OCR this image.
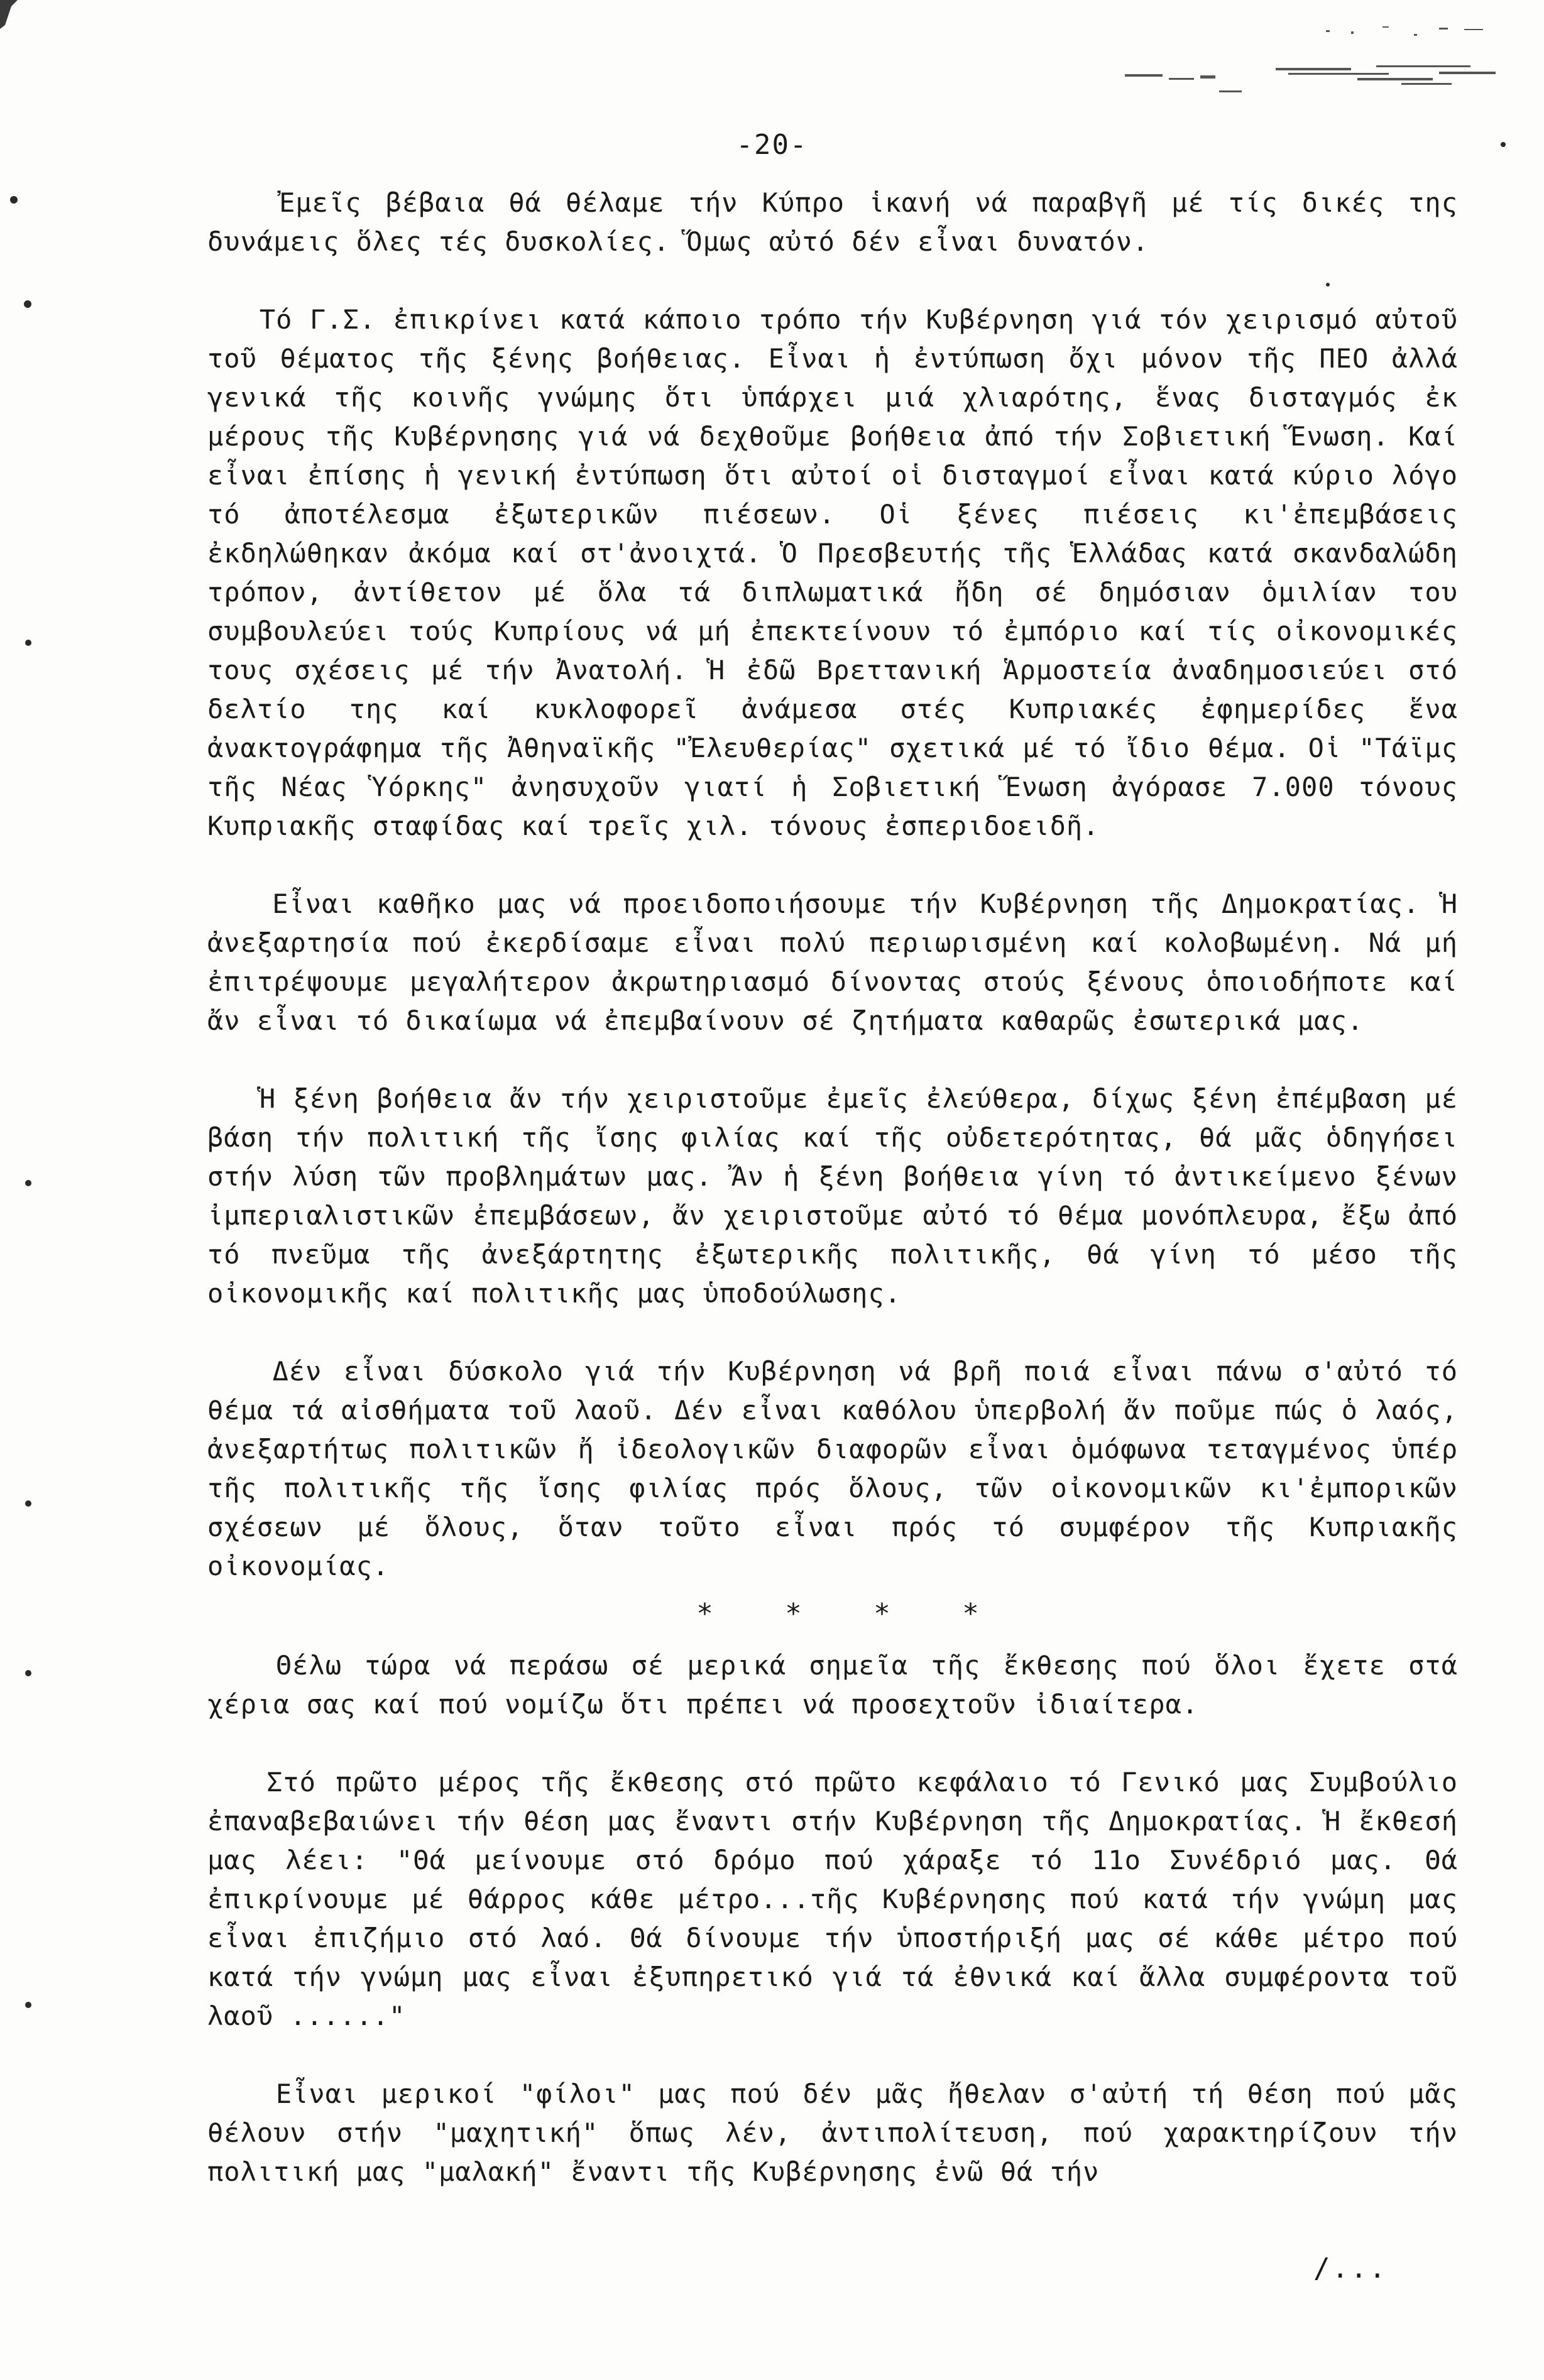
-20-

Ἐμεῖς βέβαια θά θέλαμε τήν Κύπρο ἱκανή νά παραβγῆ μέ τίς δικές της δυνάμεις ὅλες τές δυσκολίες. Ὅμως αὐτό δέν εἶναι δυνατόν.

Τό Γ.Σ. ἐπικρίνει κατά κάποιο τρόπο τήν Κυβέρνηση γιά τόν χειρισμό αὐτοῦ τοῦ θέματος τῆς ξένης βοήθειας. Εἶναι ἡ ἐντύπωση ὄχι μόνον τῆς ΠΕΟ ἀλλά γενικά τῆς κοινῆς γνώμης ὅτι ὑπάρχει μιά χλιαρότης, ἕνας δισταγμός ἐκ μέρους τῆς Κυβέρνησης γιά νά δεχθοῦμε βοήθεια ἀπό τήν Σοβιετική Ἕνωση. Καί εἶναι ἐπίσης ἡ γενική ἐντύπωση ὅτι αὐτοί οἱ δισταγμοί εἶναι κατά κύριο λόγο τό ἀποτέλεσμα ἐξωτερικῶν πιέσεων. Οἱ ξένες πιέσεις κι'ἐπεμβάσεις ἐκδηλώθηκαν ἀκόμα καί στ'ἀνοιχτά. Ὁ Πρεσβευτής τῆς Ἑλλάδας κατά σκανδαλώδη τρόπον, ἀντίθετον μέ ὅλα τά διπλωματικά ἤδη σέ δημόσιαν ὁμιλίαν του συμβουλεύει τούς Κυπρίους νά μή ἐπεκτείνουν τό ἐμπόριο καί τίς οἰκονομικές τους σχέσεις μέ τήν Ἀνατολή. Ἡ ἐδῶ Βρεττανική Ἁρμοστεία ἀναδημοσιεύει στό δελτίο της καί κυκλοφορεῖ ἀνάμεσα στές Κυπριακές ἐφημερίδες ἕνα ἀνακτογράφημα τῆς Ἀθηναϊκῆς "Ἐλευθερίας" σχετικά μέ τό ἴδιο θέμα. Οἱ "Τάϊμς τῆς Νέας Ὑόρκης" ἀνησυχοῦν γιατί ἡ Σοβιετική Ἕνωση ἀγόρασε 7.000 τόνους Κυπριακῆς σταφίδας καί τρεῖς χιλ. τόνους ἐσπεριδοειδῆ.

Εἶναι καθῆκο μας νά προειδοποιήσουμε τήν Κυβέρνηση τῆς Δημοκρατίας. Ἡ ἀνεξαρτησία πού ἐκερδίσαμε εἶναι πολύ περιωρισμένη καί κολοβωμένη. Νά μή ἐπιτρέψουμε μεγαλήτερον ἀκρωτηριασμό δίνοντας στούς ξένους ὁποιοδήποτε καί ἄν εἶναι τό δικαίωμα νά ἐπεμβαίνουν σέ ζητήματα καθαρῶς ἐσωτερικά μας.

Ἡ ξένη βοήθεια ἄν τήν χειριστοῦμε ἐμεῖς ἐλεύθερα, δίχως ξένη ἐπέμβαση μέ βάση τήν πολιτική τῆς ἴσης φιλίας καί τῆς οὐδετερότητας, θά μᾶς ὁδηγήσει στήν λύση τῶν προβλημάτων μας. Ἄν ἡ ξένη βοήθεια γίνη τό ἀντικείμενο ξένων ἰμπεριαλιστικῶν ἐπεμβάσεων, ἄν χειριστοῦμε αὐτό τό θέμα μονόπλευρα, ἔξω ἀπό τό πνεῦμα τῆς ἀνεξάρτητης ἐξωτερικῆς πολιτικῆς, θά γίνη τό μέσο τῆς οἰκονομικῆς καί πολιτικῆς μας ὑποδούλωσης.

Δέν εἶναι δύσκολο γιά τήν Κυβέρνηση νά βρῆ ποιά εἶναι πάνω σ'αὐτό τό θέμα τά αἰσθήματα τοῦ λαοῦ. Δέν εἶναι καθόλου ὑπερβολή ἄν ποῦμε πώς ὁ λαός, ἀνεξαρτήτως πολιτικῶν ἤ ἰδεολογικῶν διαφορῶν εἶναι ὁμόφωνα τεταγμένος ὑπέρ τῆς πολιτικῆς τῆς ἴσης φιλίας πρός ὅλους, τῶν οἰκονομικῶν κι'ἐμπορικῶν σχέσεων μέ ὅλους, ὅταν τοῦτο εἶναι πρός τό συμφέρον τῆς Κυπριακῆς οἰκονομίας.

* * * *

Θέλω τώρα νά περάσω σέ μερικά σημεῖα τῆς ἔκθεσης πού ὅλοι ἔχετε στά χέρια σας καί πού νομίζω ὅτι πρέπει νά προσεχτοῦν ἰδιαίτερα.

Στό πρῶτο μέρος τῆς ἔκθεσης στό πρῶτο κεφάλαιο τό Γενικό μας Συμβούλιο ἐπαναβεβαιώνει τήν θέση μας ἔναντι στήν Κυβέρνηση τῆς Δημοκρατίας. Ἡ ἔκθεσή μας λέει: "Θά μείνουμε στό δρόμο πού χάραξε τό 11ο Συνέδριό μας. Θά ἐπικρίνουμε μέ θάρρος κάθε μέτρο...τῆς Κυβέρνησης πού κατά τήν γνώμη μας εἶναι ἐπιζήμιο στό λαό. Θά δίνουμε τήν ὑποστήριξή μας σέ κάθε μέτρο πού κατά τήν γνώμη μας εἶναι ἐξυπηρετικό γιά τά ἐθνικά καί ἄλλα συμφέροντα τοῦ λαοῦ ......"

Εἶναι μερικοί "φίλοι" μας πού δέν μᾶς ἤθελαν σ'αὐτή τή θέση πού μᾶς θέλουν στήν "μαχητική" ὅπως λέν, ἀντιπολίτευση, πού χαρακτηρίζουν τήν πολιτική μας "μαλακή" ἔναντι τῆς Κυβέρνησης ἐνῶ θά τήν

/...
